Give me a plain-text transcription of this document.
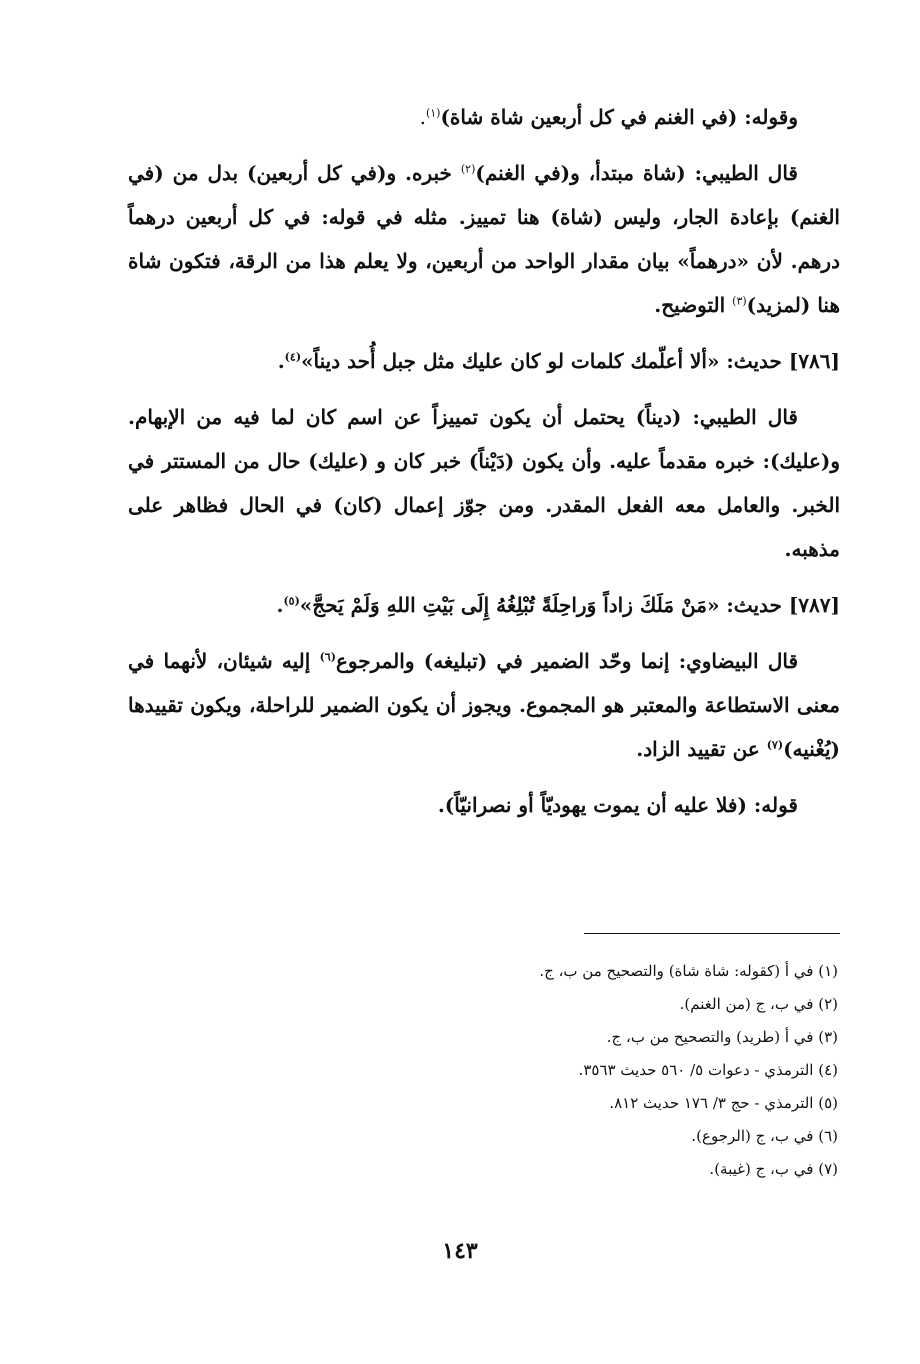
وقوله: (في الغنم في كل أربعين شاة شاة)$^{(١)}$.

قال الطيبي: (شاة مبتدأ، و(في الغنم)$^{(٢)}$ خبره. و(في كل أربعين) بدل من (في الغنم) بإعادة الجار، وليس (شاة) هنا تمييز. مثله في قوله: في كل أربعين درهماً درهم. لأن «درهماً» بيان مقدار الواحد من أربعين، ولا يعلم هذا من الرقة، فتكون شاة هنا (لمزيد)$^{(٣)}$ التوضيح.

[٧٨٦] حديث: «ألا أعلّمك كلمات لو كان عليك مثل جبل أُحد ديناً»$^{(٤)}$.

قال الطيبي: (ديناً) يحتمل أن يكون تمييزاً عن اسم كان لما فيه من الإبهام. و(عليك): خبره مقدماً عليه. وأن يكون (دَيْناً) خبر كان و (عليك) حال من المستتر في الخبر. والعامل معه الفعل المقدر. ومن جوّز إعمال (كان) في الحال فظاهر على مذهبه.

[٧٨٧] حديث: «مَنْ مَلَكَ زاداً وَراحِلَةً تُبْلِغُهُ إِلَى بَيْتِ اللهِ وَلَمْ يَحجَّ»$^{(٥)}$.

قال البيضاوي: إنما وحّد الضمير في (تبليغه) والمرجوع$^{(٦)}$ إليه شيئان، لأنهما في معنى الاستطاعة والمعتبر هو المجموع. ويجوز أن يكون الضمير للراحلة، ويكون تقييدها (يُغْنيه)$^{(٧)}$ عن تقييد الزاد.

قوله: (فلا عليه أن يموت يهوديّاً أو نصرانيّاً).

(١) في أ (كقوله: شاة شاة) والتصحيح من ب، ج.
(٢) في ب، ج (من الغنم).
(٣) في أ (طريد) والتصحيح من ب، ج.
(٤) الترمذي - دعوات ٥/ ٥٦٠ حديث ٣٥٦٣.
(٥) الترمذي - حج ٣/ ١٧٦ حديث ٨١٢.
(٦) في ب، ج (الرجوع).
(٧) في ب، ج (غيبة).
١٤٣
